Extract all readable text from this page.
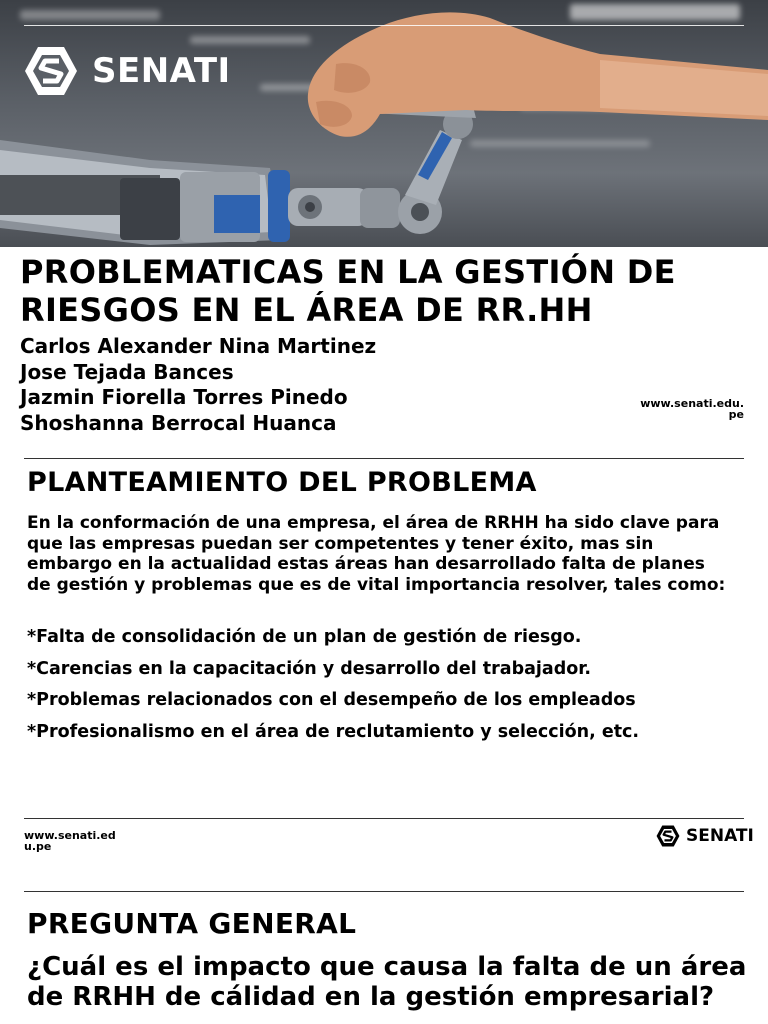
SENATI
PROBLEMATICAS EN LA GESTIÓN DE
RIESGOS EN EL ÁREA DE RR.HH
Carlos Alexander Nina Martinez
Jose Tejada Bances
Jazmin Fiorella Torres Pinedo
Shoshanna Berrocal Huanca
www.senati.edu.pe
PLANTEAMIENTO DEL PROBLEMA
En la conformación de una empresa, el área de RRHH ha sido clave para que las empresas puedan ser competentes y tener éxito, mas sin embargo en la actualidad estas áreas han desarrollado falta de planes de gestión y problemas que es de vital importancia resolver, tales como:
*Falta de consolidación de un plan de gestión de riesgo.
*Carencias en la capacitación y desarrollo del trabajador.
*Problemas relacionados con el desempeño de los empleados
*Profesionalismo en el área de reclutamiento y selección, etc.
www.senati.edu.pe
SENATI
PREGUNTA GENERAL
¿Cuál es el impacto que causa la falta de un área de RRHH de cálidad en la gestión empresarial?
